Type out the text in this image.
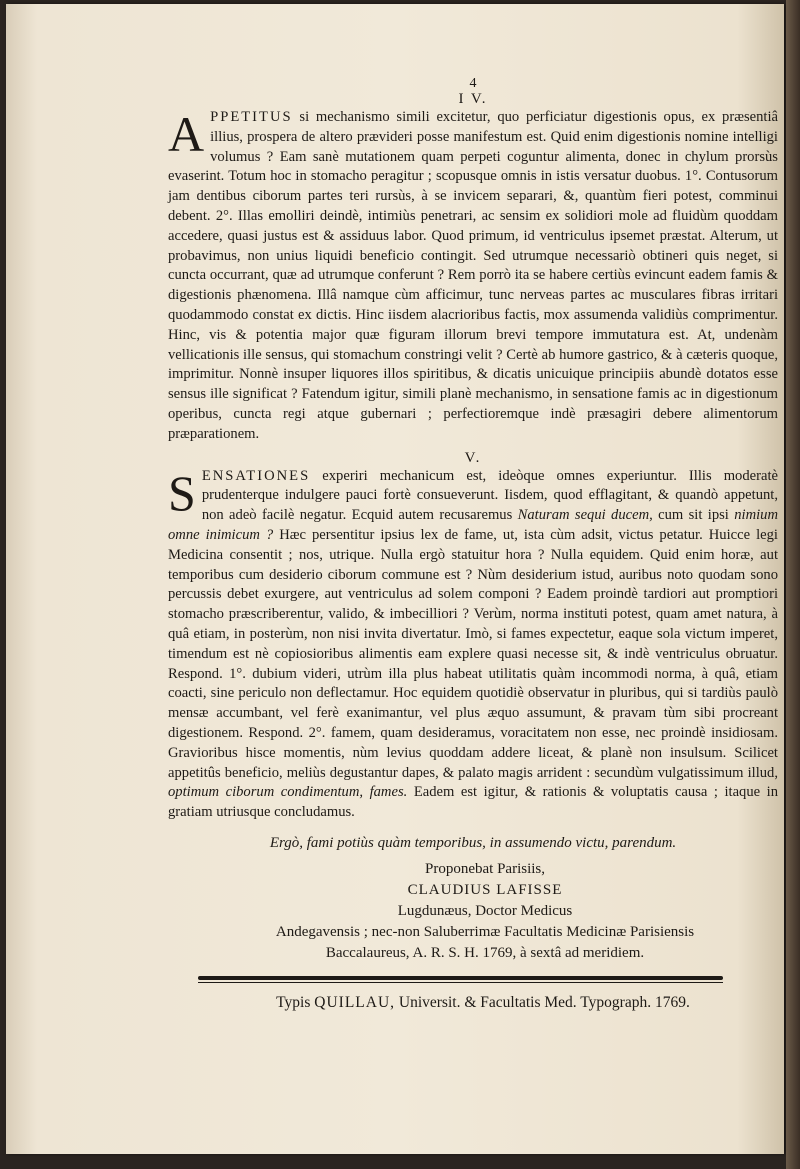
4
I V.

APPETITUS si mechanismo simili excitetur, quo perficiatur digestionis opus, ex præsentiâ illius, prospera de altero prævideri posse manifestum est. Quid enim digestionis nomine intelligi volumus ? Eam sanè mutationem quam perpeti coguntur alimenta, donec in chylum prorsùs evaserint. Totum hoc in stomacho peragitur ; scopusque omnis in istis versatur duobus. 1°. Contusorum jam dentibus ciborum partes teri rursùs, à se invicem separari, &, quantùm fieri potest, comminui debent. 2°. Illas emolliri deindè, intimiùs penetrari, ac sensim ex solidiori mole ad fluidùm quoddam accedere, quasi justus est & assiduus labor. Quod primum, id ventriculus ipsemet præstat. Alterum, ut probavimus, non unius liquidi beneficio contingit. Sed utrumque necessariò obtineri quis neget, si cuncta occurrant, quæ ad utrumque conferunt ? Rem porrò ita se habere certiùs evincunt eadem famis & digestionis phænomena. Illâ namque cùm afficimur, tunc nerveas partes ac musculares fibras irritari quodammodo constat ex dictis. Hinc iisdem alacrioribus factis, mox assumenda validiùs comprimentur. Hinc, vis & potentia major quæ figuram illorum brevi tempore immutatura est. At, undenàm vellicationis ille sensus, qui stomachum constringi velit ? Certè ab humore gastrico, & à cæteris quoque, imprimitur. Nonnè insuper liquores illos spiritibus, & dicatis unicuique principiis abundè dotatos esse sensus ille significat ? Fatendum igitur, simili planè mechanismo, in sensatione famis ac in digestionum operibus, cuncta regi atque gubernari ; perfectioremque indè præsagiri debere alimentorum præparationem.

V.

SENSATIONES experiri mechanicum est, ideòque omnes experiuntur. Illis moderatè prudenterque indulgere pauci fortè consueverunt. Iisdem, quod efflagitant, & quandò appetunt, non adeò facilè negatur. Ecquid autem recusaremus Naturam sequi ducem, cum sit ipsi nimium omne inimicum ? Hæc persentitur ipsius lex de fame, ut, ista cùm adsit, victus petatur. Huicce legi Medicina consentit ; nos, utrique. Nulla ergò statuitur hora ? Nulla equidem. Quid enim horæ, aut temporibus cum desiderio ciborum commune est ? Nùm desiderium istud, auribus noto quodam sono percussis debet exurgere, aut ventriculus ad solem componi ? Eadem proindè tardiori aut promptiori stomacho præscriberentur, valido, & imbecilliori ? Verùm, norma instituti potest, quam amet natura, à quâ etiam, in posterùm, non nisi invita divertatur. Imò, si fames expectetur, eaque sola victum imperet, timendum est nè copiosioribus alimentis eam explere quasi necesse sit, & indè ventriculus obruatur. Respond. 1°. dubium videri, utrùm illa plus habeat utilitatis quàm incommodi norma, à quâ, etiam coacti, sine periculo non deflectamur. Hoc equidem quotidiè observatur in pluribus, qui si tardiùs paulò mensæ accumbant, vel ferè exanimantur, vel plus æquo assumunt, & pravam tùm sibi procreant digestionem. Respond. 2°. famem, quam desideramus, voracitatem non esse, nec proindè insidiosam. Gravioribus hisce momentis, nùm levius quoddam addere liceat, & planè non insulsum. Scilicet appetitûs beneficio, meliùs degustantur dapes, & palato magis arrident : secundùm vulgatissimum illud, optimum ciborum condimentum, fames. Eadem est igitur, & rationis & voluptatis causa ; itaque in gratiam utriusque concludamus.

Ergò, fami potiùs quàm temporibus, in assumendo victu, parendum.
Proponebat Parisiis,
CLAUDIUS LAFISSE
Lugdunæus, Doctor Medicus
Andegavensis ; nec-non Saluberrimæ Facultatis Medicinæ Parisiensis
Baccalaureus, A. R. S. H. 1769, à sextâ ad meridiem.
Typis QUILLAU, Universit. & Facultatis Med. Typograph. 1769.
